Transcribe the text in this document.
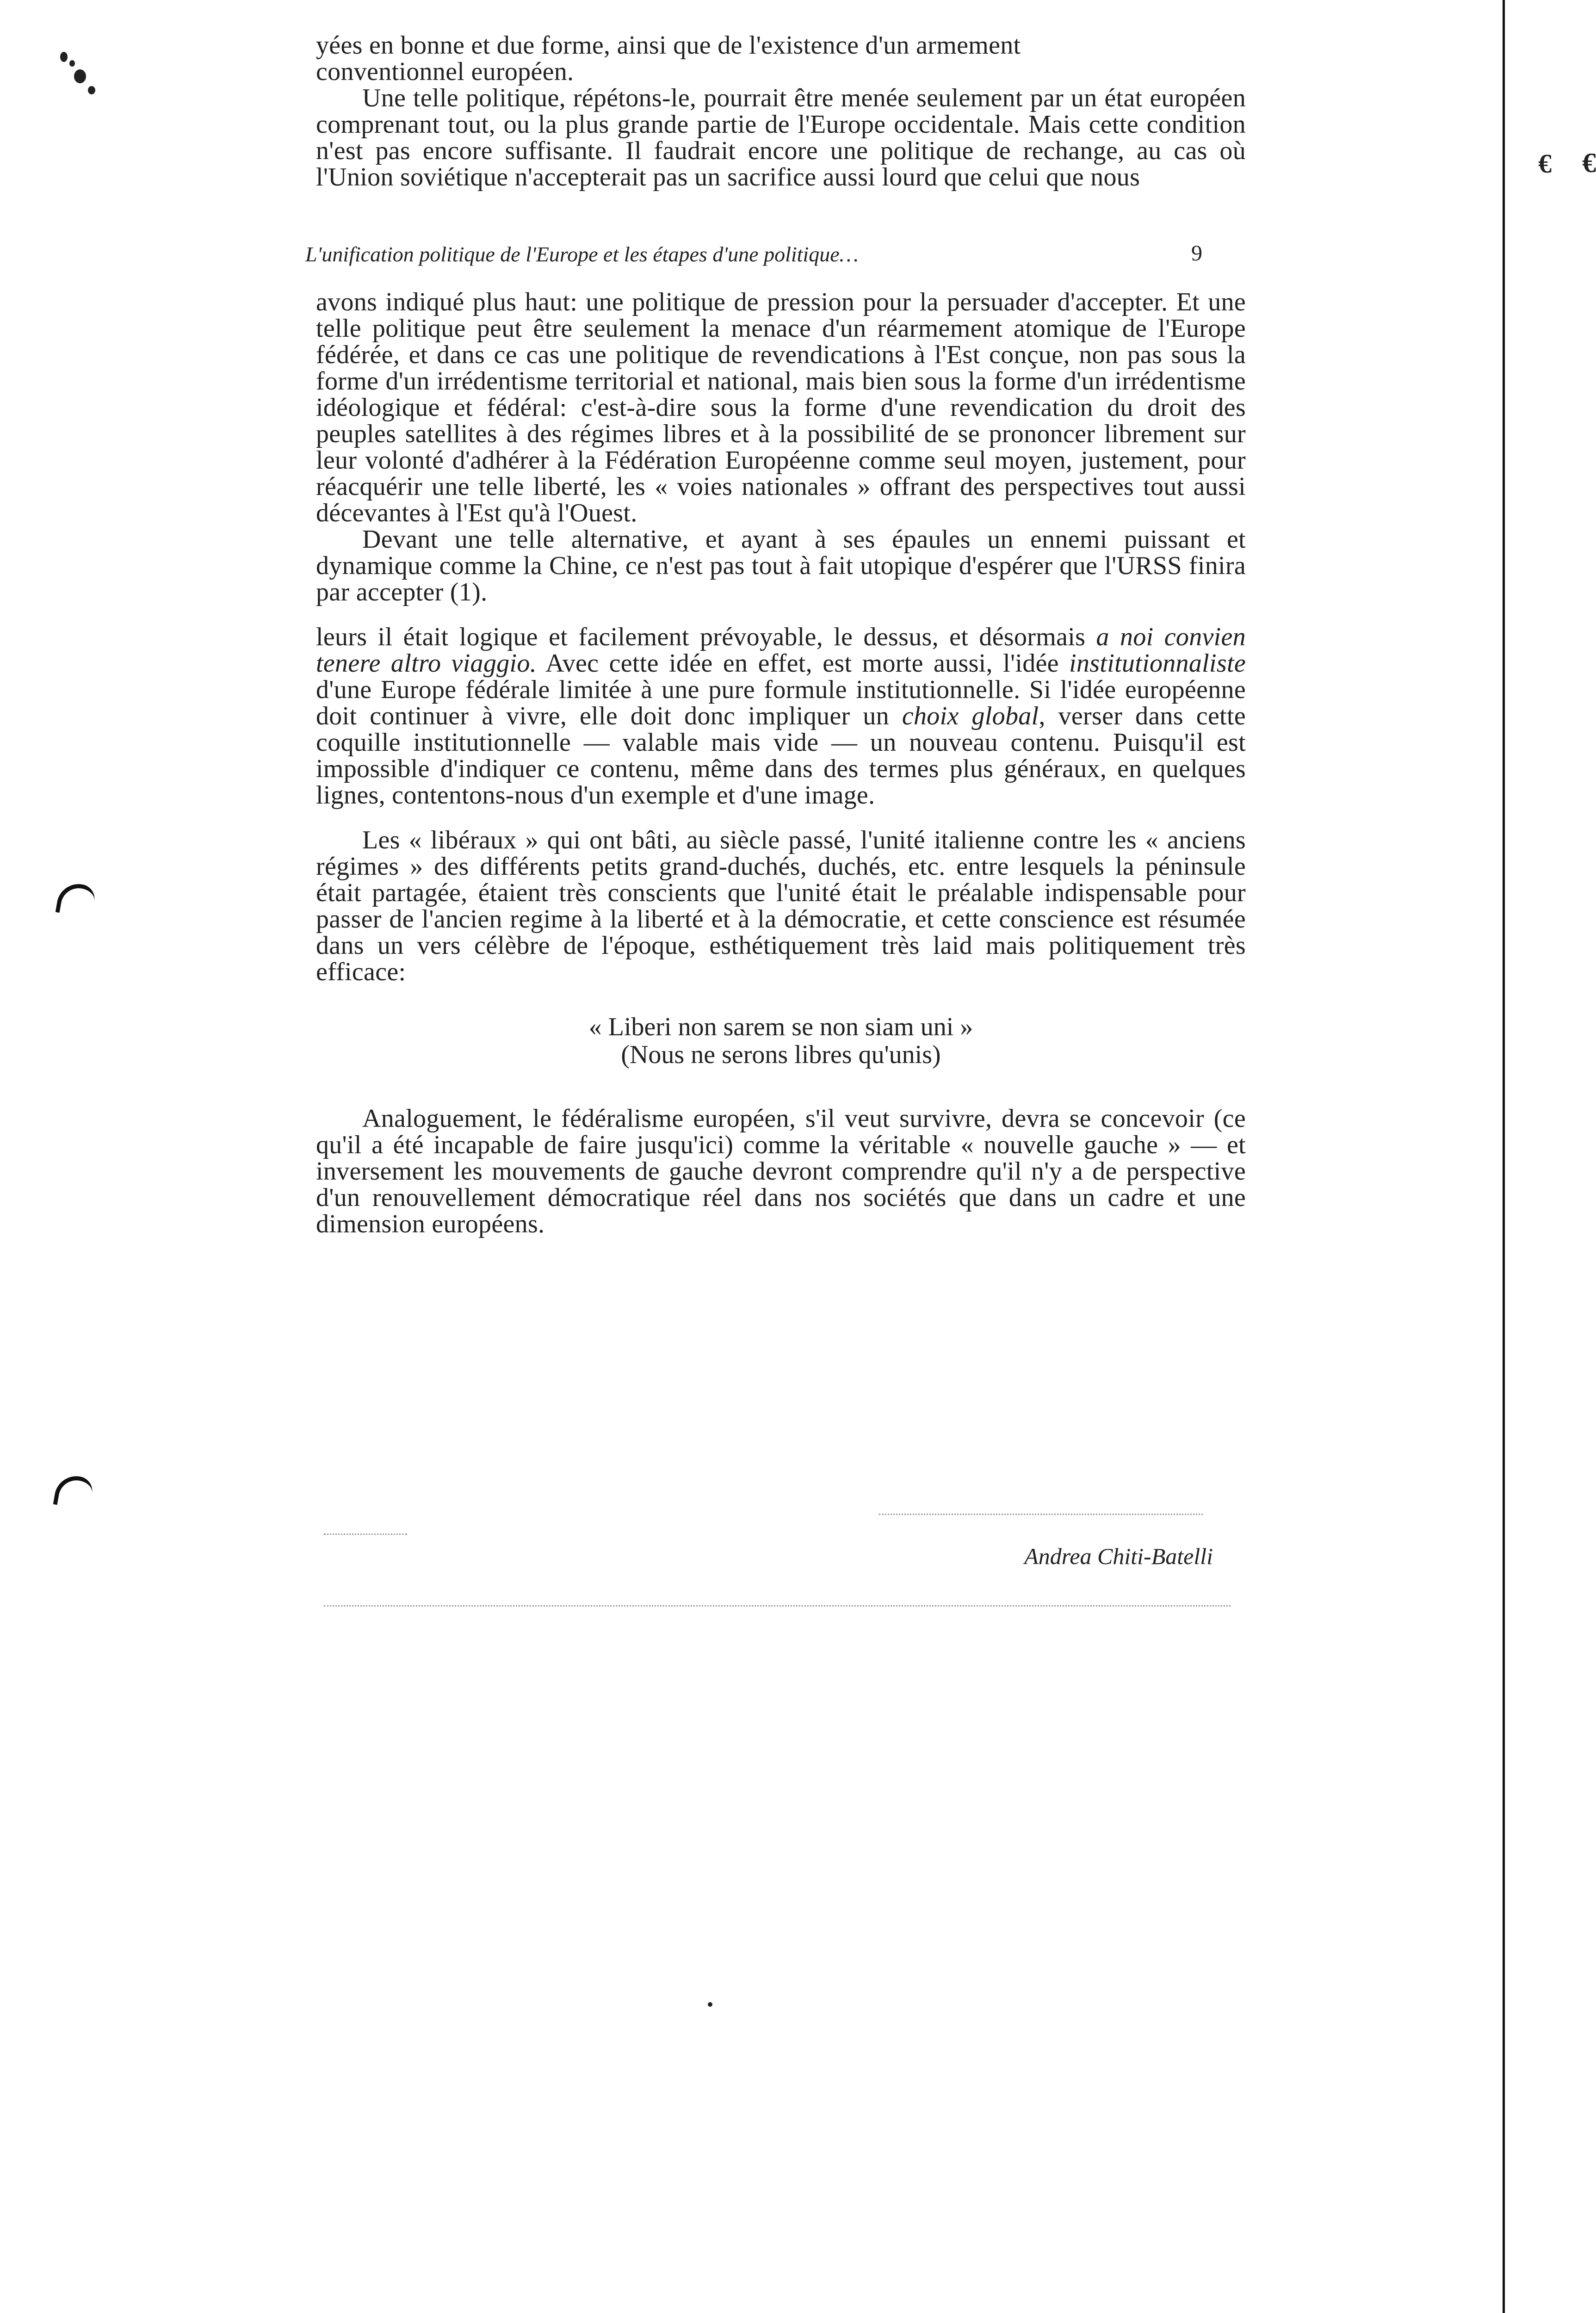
€
€

yées en bonne et due forme, ainsi que de l'existence d'un armement

conventionnel européen.

Une telle politique, répétons-le, pourrait être menée seulement par un état européen comprenant tout, ou la plus grande partie de l'Europe occidentale. Mais cette condition n'est pas encore suffisante. Il faudrait encore une politique de rechange, au cas où l'Union soviétique n'accepterait pas un sacrifice aussi lourd que celui que nous

L'unification politique de l'Europe et les étapes d'une politique…	9

avons indiqué plus haut: une politique de pression pour la persuader d'accepter. Et une telle politique peut être seulement la menace d'un réarmement atomique de l'Europe fédérée, et dans ce cas une politique de revendications à l'Est conçue, non pas sous la forme d'un irrédentisme territorial et national, mais bien sous la forme d'un irrédentisme idéologique et fédéral: c'est-à-dire sous la forme d'une revendication du droit des peuples satellites à des régimes libres et à la possibilité de se prononcer librement sur leur volonté d'adhérer à la Fédération Européenne comme seul moyen, justement, pour réacquérir une telle liberté, les « voies nationales » offrant des perspectives tout aussi décevantes à l'Est qu'à l'Ouest.

Devant une telle alternative, et ayant à ses épaules un ennemi puissant et dynamique comme la Chine, ce n'est pas tout à fait utopique d'espérer que l'URSS finira par accepter (1).

leurs il était logique et facilement prévoyable, le dessus, et désormais a noi convien tenere altro viaggio. Avec cette idée en effet, est morte aussi, l'idée institutionnaliste d'une Europe fédérale limitée à une pure formule institutionnelle. Si l'idée européenne doit continuer à vivre, elle doit donc impliquer un choix global, verser dans cette coquille institutionnelle — valable mais vide — un nouveau contenu. Puisqu'il est impossible d'indiquer ce contenu, même dans des termes plus généraux, en quelques lignes, contentons-nous d'un exemple et d'une image.

Les « libéraux » qui ont bâti, au siècle passé, l'unité italienne contre les « anciens régimes » des différents petits grand-duchés, duchés, etc. entre lesquels la péninsule était partagée, étaient très conscients que l'unité était le préalable indispensable pour passer de l'ancien regime à la liberté et à la démocratie, et cette conscience est résumée dans un vers célèbre de l'époque, esthétiquement très laid mais politiquement très efficace:

« Liberi non sarem se non siam uni »

(Nous ne serons libres qu'unis)

Analoguement, le fédéralisme européen, s'il veut survivre, devra se concevoir (ce qu'il a été incapable de faire jusqu'ici) comme la véritable « nouvelle gauche » — et inversement les mouvements de gauche devront comprendre qu'il n'y a de perspective d'un renouvellement démocratique réel dans nos sociétés que dans un cadre et une dimension européens.

Andrea Chiti-Batelli
